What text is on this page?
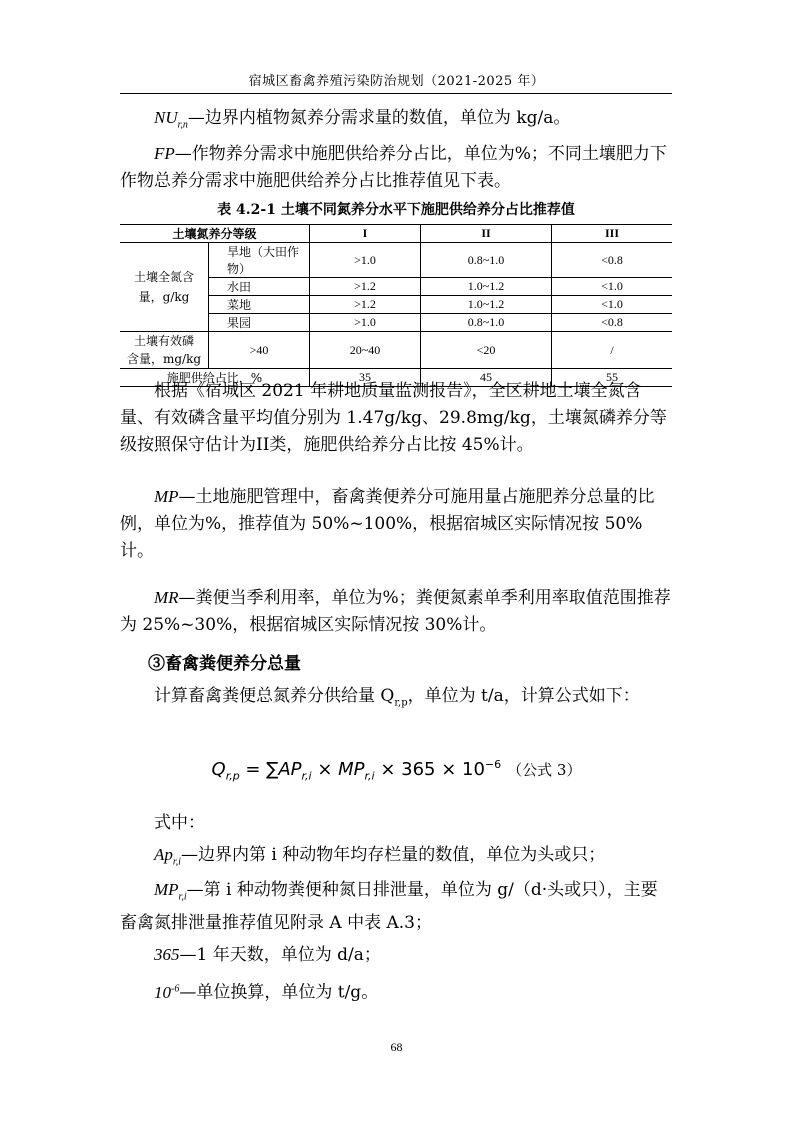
宿城区畜禽养殖污染防治规划（2021-2025 年）

$NU_{r,n}—$边界内植物氮养分需求量的数值，单位为 kg/a。

FP—作物养分需求中施肥供给养分占比，单位为%；不同土壤肥力下作物总养分需求中施肥供给养分占比推荐值见下表。

表 4.2-1 土壤不同氮养分水平下施肥供给养分占比推荐值
土壤氮养分等级		I	II	III
土壤全氮含
量，g/kg	旱地（大田作物）	>1.0	0.8~1.0	<0.8
	水田	>1.2	1.0~1.2	<1.0
	菜地	>1.2	1.0~1.2	<1.0
	果园	>1.0	0.8~1.0	<0.8
土壤有效磷
含量，mg/kg	>40	20~40	<20	/
施肥供给占比，%		35	45	55

根据《宿城区 2021 年耕地质量监测报告》，全区耕地土壤全氮含量、有效磷含量平均值分别为 1.47g/kg、29.8mg/kg，土壤氮磷养分等级按照保守估计为II类，施肥供给养分占比按 45%计。

MP—土地施肥管理中，畜禽粪便养分可施用量占施肥养分总量的比例，单位为%，推荐值为 50%~100%，根据宿城区实际情况按 50%计。

MR—粪便当季利用率，单位为%；粪便氮素单季利用率取值范围推荐为 25%~30%，根据宿城区实际情况按 30%计。

③畜禽粪便养分总量

计算畜禽粪便总氮养分供给量 $Q_{r,p}$，单位为 t/a，计算公式如下：

$Q_{r,p} = \sum AP_{r,i} \times MP_{r,i} \times 365 \times 10^{-6}$ （公式 3）

式中：

$Ap_{r,i}—$边界内第 i 种动物年均存栏量的数值，单位为头或只；

$MP_{r,i}—$第 i 种动物粪便种氮日排泄量，单位为 g/（d·头或只），主要畜禽氮排泄量推荐值见附录 A 中表 A.3；

365—1 年天数，单位为 d/a；

$10^{-6}—$单位换算，单位为 t/g。

68
